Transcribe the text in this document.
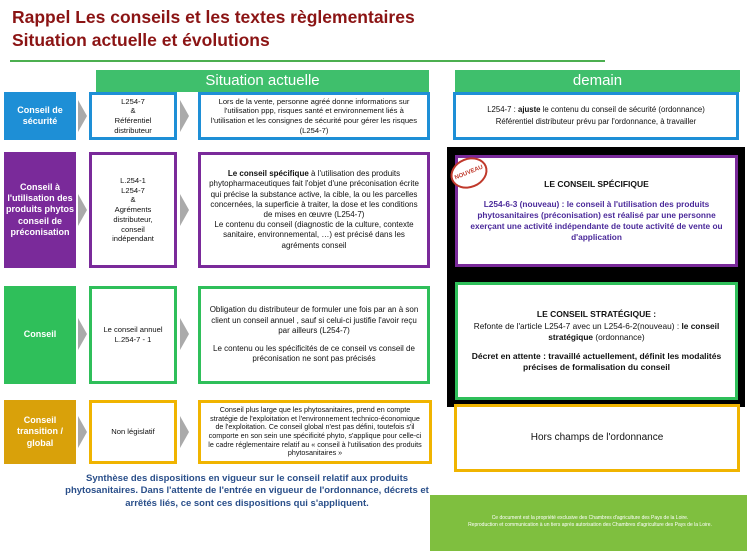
Rappel Les conseils et les textes règlementaires
Situation actuelle et évolutions
Situation actuelle	demain
Conseil de sécurité
L254-7
&
Référentiel
distributeur
Lors de la vente, personne agréé donne informations sur l'utilisation ppp, risques santé et environnement liés à l'utilisation et les consignes de sécurité pour gérer les risques (L254-7)
L254-7 : ajuste le contenu du conseil de sécurité (ordonnance)
Référentiel distributeur prévu par l'ordonnance, à travailler
Conseil à l'utilisation des produits phytos conseil de préconisation
L.254-1
L254-7
&
Agréments
distributeur,
conseil
indépendant
Le conseil spécifique à l'utilisation des produits phytopharmaceutiques fait l'objet d'une préconisation écrite qui précise la substance active, la cible, la ou les parcelles concernées, la superficie à traiter, la dose et les conditions de mises en œuvre (L254-7)
Le contenu du conseil (diagnostic de la culture, contexte sanitaire, environnemental, …) est précisé dans les agréments conseil
LE CONSEIL SPÉCIFIQUE
L254-6-3 (nouveau) : le conseil à l'utilisation des produits phytosanitaires (préconisation) est réalisé par une personne exerçant une activité indépendante de toute activité de vente ou d'application
NOUVEAU
Conseil	Le conseil annuel
L.254-7 - 1
Obligation du distributeur de formuler une fois par an à son client un conseil annuel , sauf si celui-ci justifie l'avoir reçu par ailleurs (L254-7)
Le contenu ou les spécificités de ce conseil vs conseil de préconisation ne sont pas précisés
LE CONSEIL STRATÉGIQUE :
Refonte de l'article L254-7 avec un L254-6-2(nouveau) : le conseil stratégique (ordonnance)
Décret en attente : travaillé actuellement, définit les modalités précises de formalisation du conseil
Conseil transition / global
Non législatif
Conseil plus large que les phytosanitaires, prend en compte stratégie de l'exploitation et l'environnement technico-économique de l'exploitation. Ce conseil global n'est pas défini, toutefois s'il comporte en son sein une spécificité phyto, s'applique pour celle-ci le cadre réglementaire relatif au « conseil à l'utilisation des produits phytosanitaires »
Hors champs de l'ordonnance
Synthèse des dispositions en vigueur sur le conseil relatif aux produits phytosanitaires. Dans l'attente de l'entrée en vigueur de l'ordonnance, décrets et arrêtés liés, ce sont ces dispositions qui s'appliquent.
Ce document est la propriété exclusive des Chambres d'agriculture des Pays de la Loire.
Reproduction et communication à un tiers après autorisation des Chambres d'agriculture des Pays de la Loire.
